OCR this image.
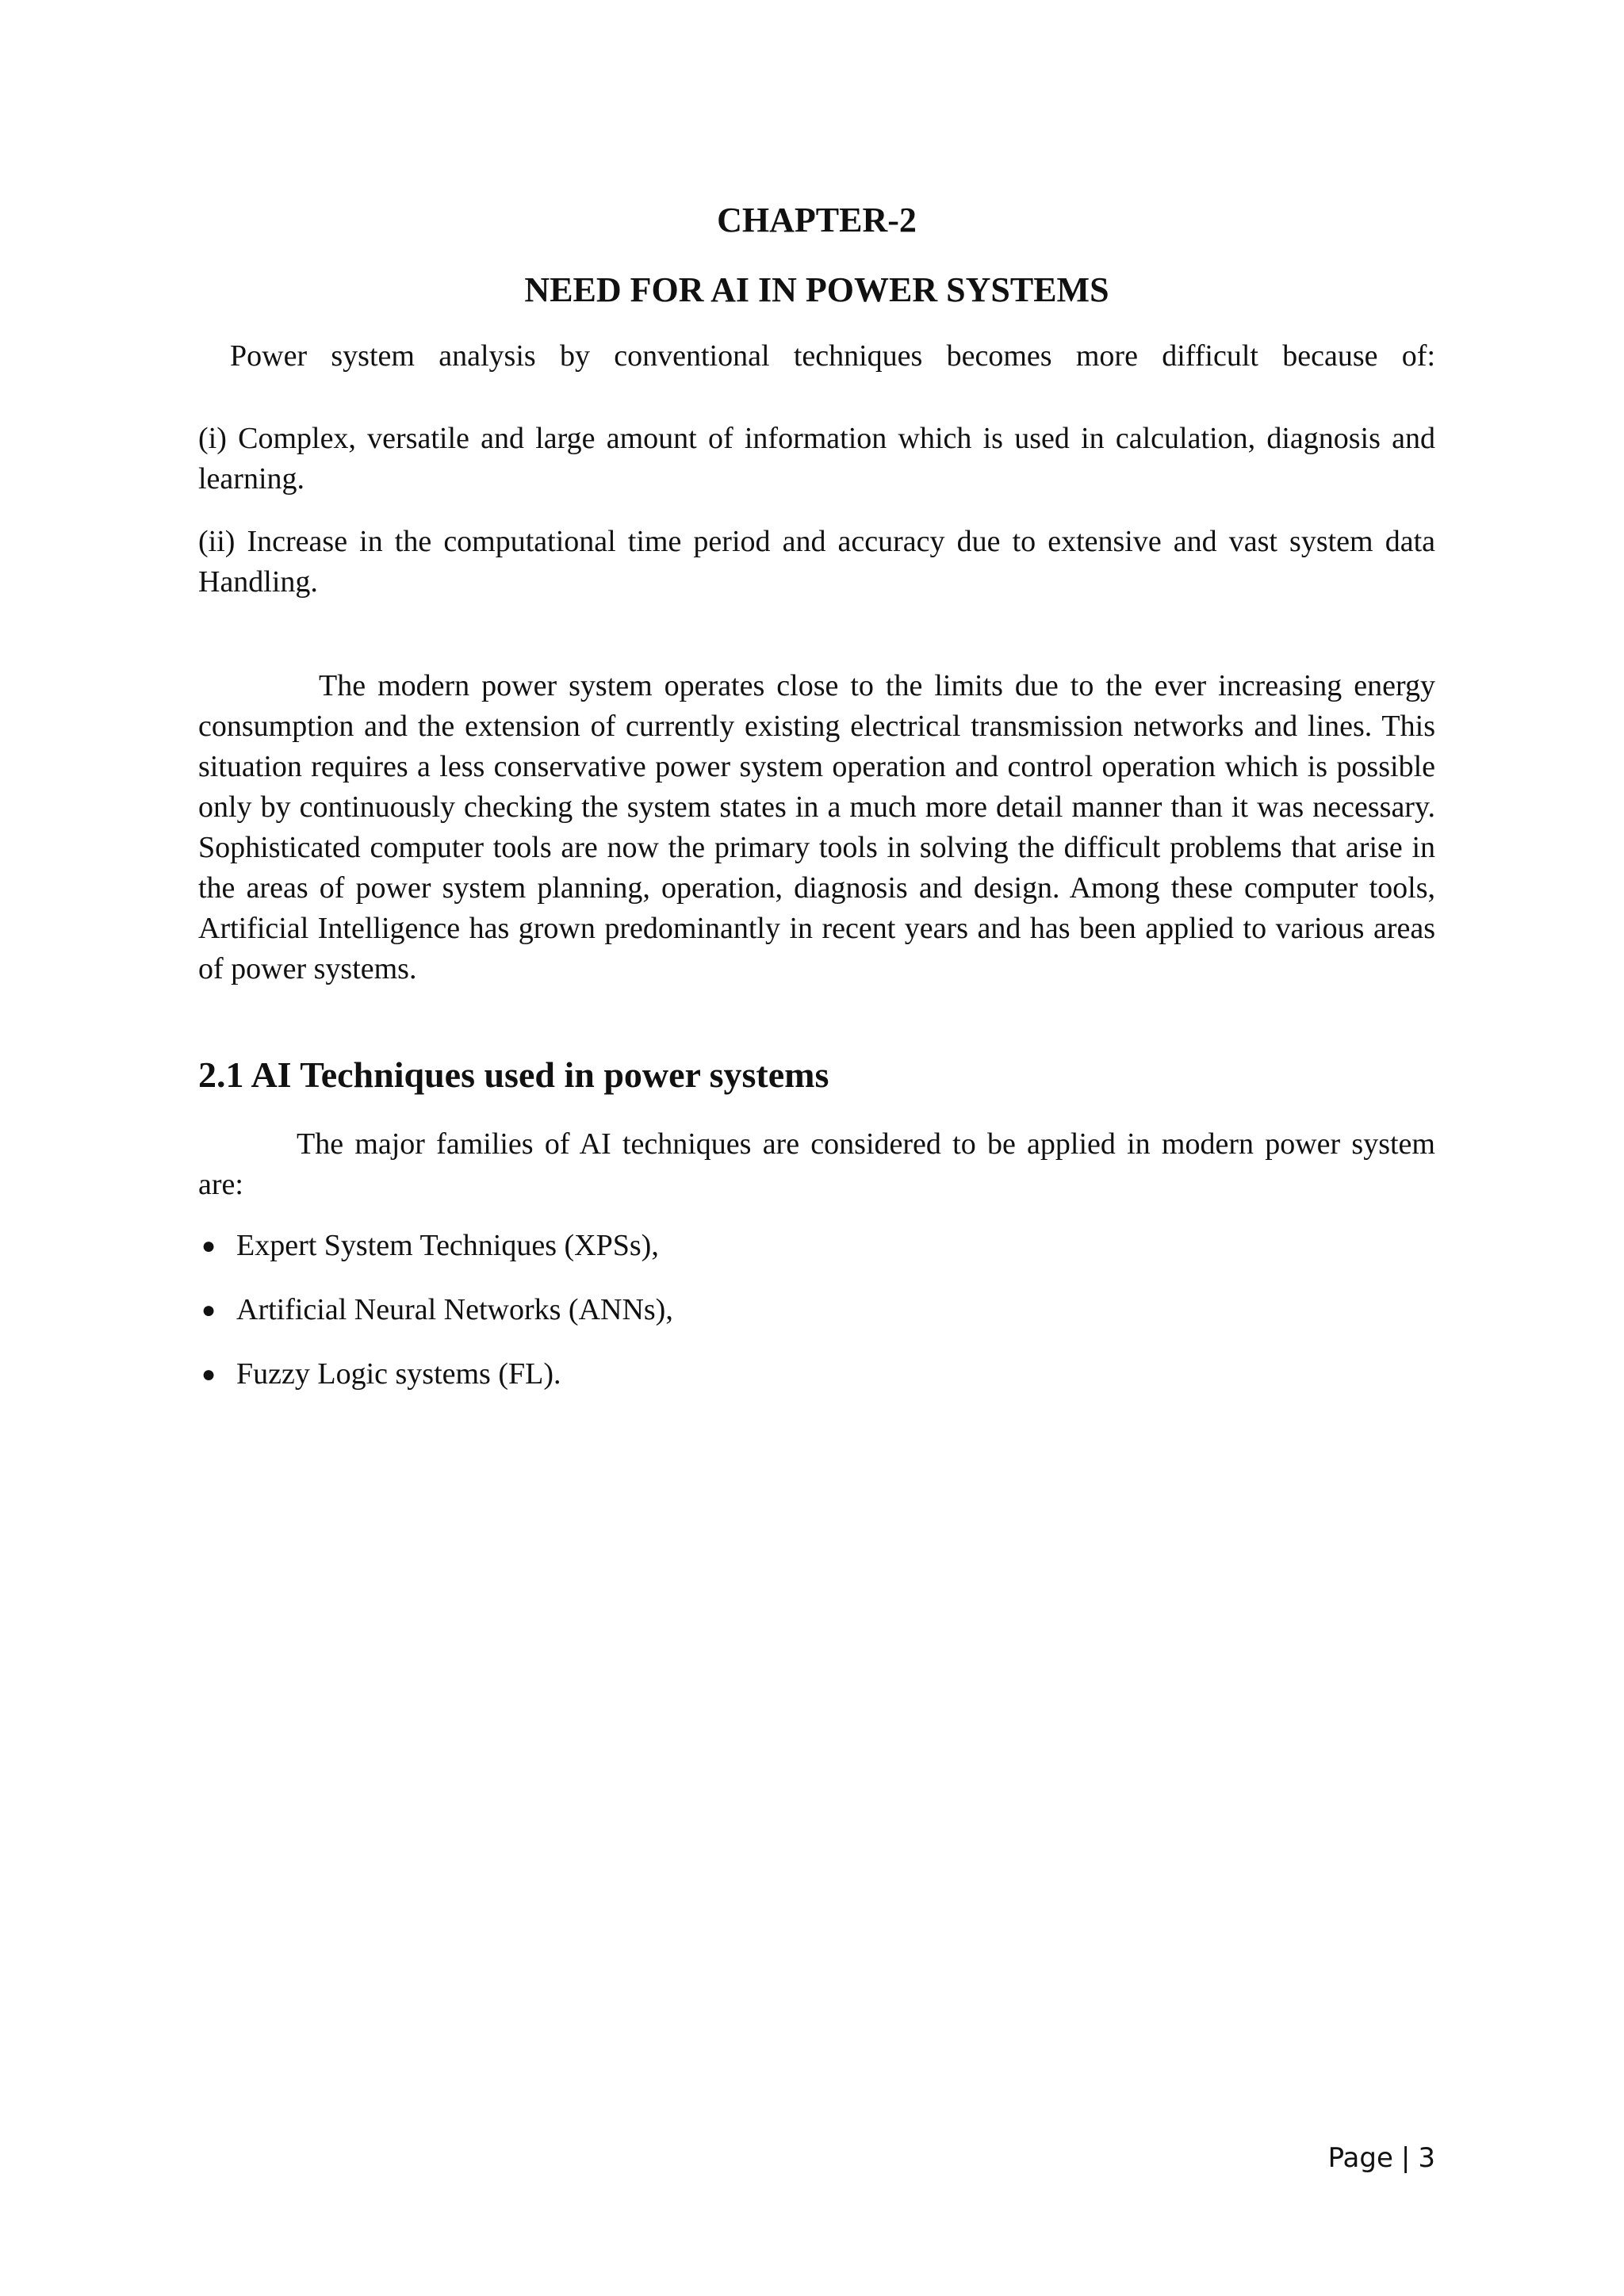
CHAPTER-2
NEED FOR AI IN POWER SYSTEMS

Power system analysis by conventional techniques becomes more difficult because of:

(i) Complex, versatile and large amount of information which is used in calculation, diagnosis and learning.

(ii) Increase in the computational time period and accuracy due to extensive and vast system data Handling.

The modern power system operates close to the limits due to the ever increasing energy consumption and the extension of currently existing electrical transmission networks and lines. This situation requires a less conservative power system operation and control operation which is possible only by continuously checking the system states in a much more detail manner than it was necessary. Sophisticated computer tools are now the primary tools in solving the difficult problems that arise in the areas of power system planning, operation, diagnosis and design. Among these computer tools, Artificial Intelligence has grown predominantly in recent years and has been applied to various areas of power systems.

2.1 AI Techniques used in power systems

The major families of AI techniques are considered to be applied in modern power system are:

● Expert System Techniques (XPSs),
● Artificial Neural Networks (ANNs),
● Fuzzy Logic systems (FL).
Page | 3
